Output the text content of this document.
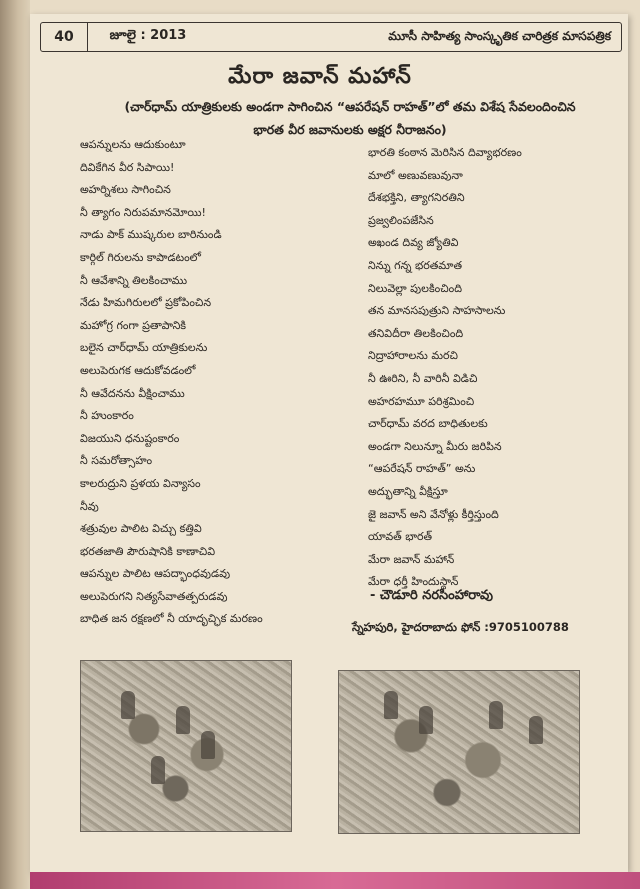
40	జూలై : 2013	మూసీ సాహిత్య సాంస్కృతిక చారిత్రక మాసపత్రిక
మేరా జవాన్ మహాన్
(చార్‌ధామ్ యాత్రికులకు అండగా సాగించిన “ఆపరేషన్ రాహత్”లో తమ విశేష సేవలందించిన
భారత వీర జవానులకు అక్షర నీరాజనం)
ఆపన్నులను ఆదుకుంటూ
దివికేగిన వీర సిపాయి!
అహర్నిశలు సాగించిన
నీ త్యాగం నిరుపమానమోయి!
నాడు పాక్ ముష్కరుల బారినుండి
కార్గిల్ గిరులను కాపాడటంలో
నీ ఆవేశాన్ని తిలకించాము
నేడు హిమగిరులలో ప్రకోపించిన
మహోగ్ర గంగా ప్రతాపానికి
బలైన చార్‌ధామ్ యాత్రికులను
అలుపెరుగక ఆదుకోవడంలో
నీ ఆవేదనను వీక్షించాము
నీ హుంకారం
విజయుని ధనుష్టంకారం
నీ సమరోత్సాహం
కాలరుద్రుని ప్రళయ విన్యాసం
నీవు
శత్రువుల పాలిట విచ్చు కత్తివి
భరతజాతి పౌరుషానికి కాణాచివి
ఆపన్నుల పాలిట ఆపద్భాంధవుడవు
అలుపెరుగని నిత్యసేవాతత్పరుడవు
బాధిత జన రక్షణలో నీ యాదృచ్ఛిక మరణం
భారతి కంఠాన మెరిసిన దివ్యాభరణం
మాలో అణువణువునా
దేశభక్తిని, త్యాగనిరతిని
ప్రజ్వలింపజేసిన
అఖండ దివ్య జ్యోతివి
నిన్ను గన్న భరతమాత
నిలువెల్లా పులకించింది
తన మానసపుత్రుని సాహసాలను
తనివిదీరా తిలకించింది
నిద్రాహారాలను మరచి
నీ ఊరిని, నీ వారినీ విడిచి
అహరహమూ పరిశ్రమించి
చార్‌ధామ్ వరద బాధితులకు
అండగా నిలున్నూ మీరు జరిపిన
“ఆపరేషన్ రాహత్” అను
అద్భుతాన్ని వీక్షిస్తూ
జై జవాన్ అని వేనోళ్లు కీర్తిస్తుంది
యావత్ భారత్
మేరా జవాన్ మహాన్
మేరా ధర్తీ హిందుస్థాన్
- చౌడూరి నరసింహారావు
స్నేహపురి, హైదరాబాదు ఫోన్ :9705100788
